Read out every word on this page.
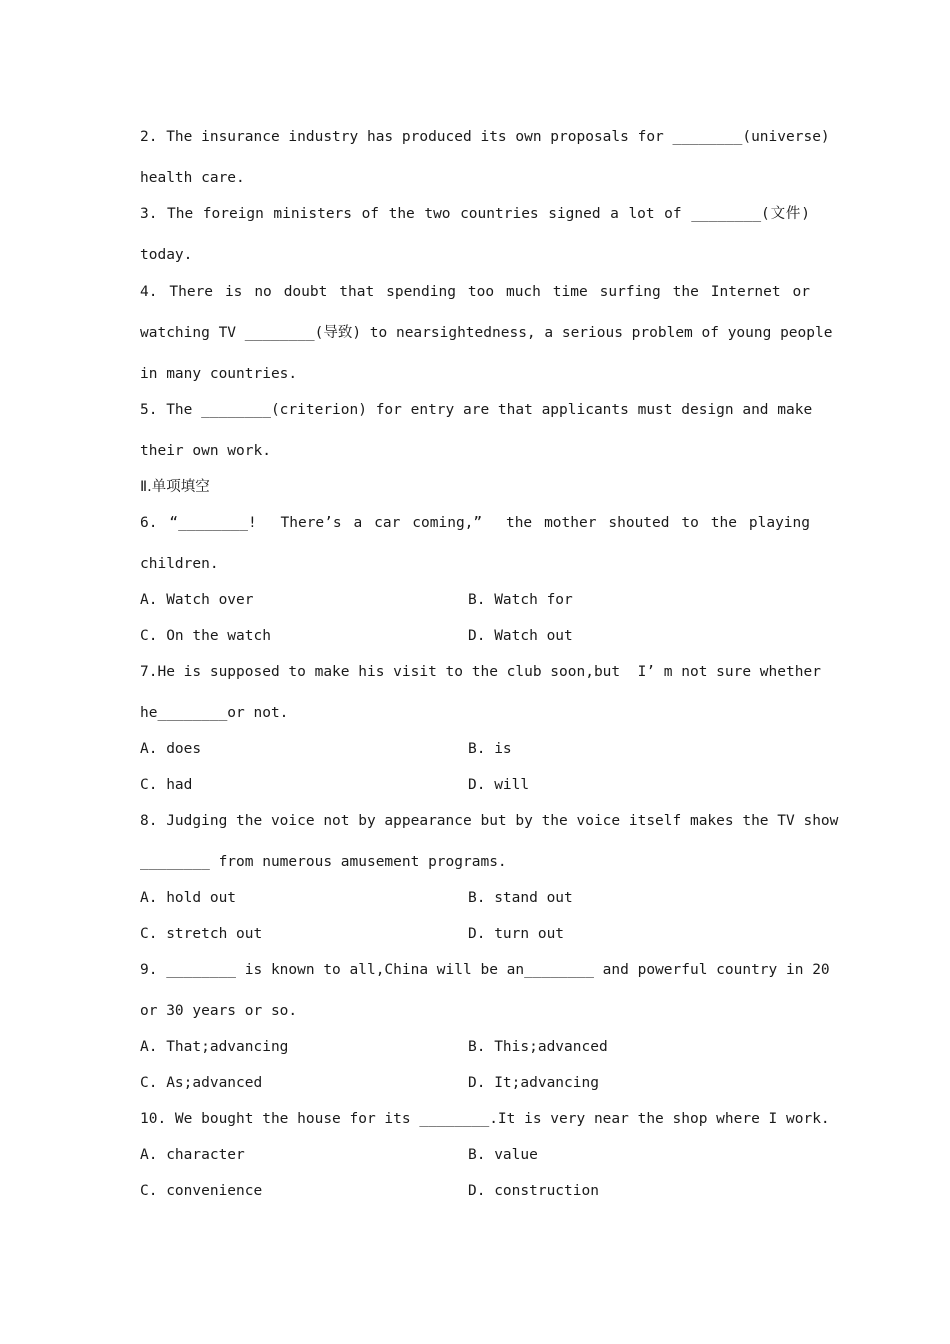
2. The insurance industry has produced its own proposals for ________(universe)
health care.
3. The foreign ministers of the two countries signed a lot of ________(文件)
today.
4. There is no doubt that spending too much time surfing the Internet or
watching TV ________(导致) to nearsightedness, a serious problem of young people
in many countries.
5. The ________(criterion) for entry are that applicants must design and make
their own work.
Ⅱ.单项填空
6. “________!  There’s a car coming,”  the mother shouted to the playing
children.
A. Watch over	B. Watch for
C. On the watch	D. Watch out
7.He is supposed to make his visit to the club soon,but  I’ m not sure whether
he________or not.
A. does	B. is
C. had	D. will
8. Judging the voice not by appearance but by the voice itself makes the TV show
________ from numerous amusement programs.
A. hold out	B. stand out
C. stretch out	D. turn out
9. ________ is known to all,China will be an________ and powerful country in 20
or 30 years or so.
A. That;advancing	B. This;advanced
C. As;advanced	D. It;advancing
10. We bought the house for its ________.It is very near the shop where I work.
A. character	B. value
C. convenience	D. construction
